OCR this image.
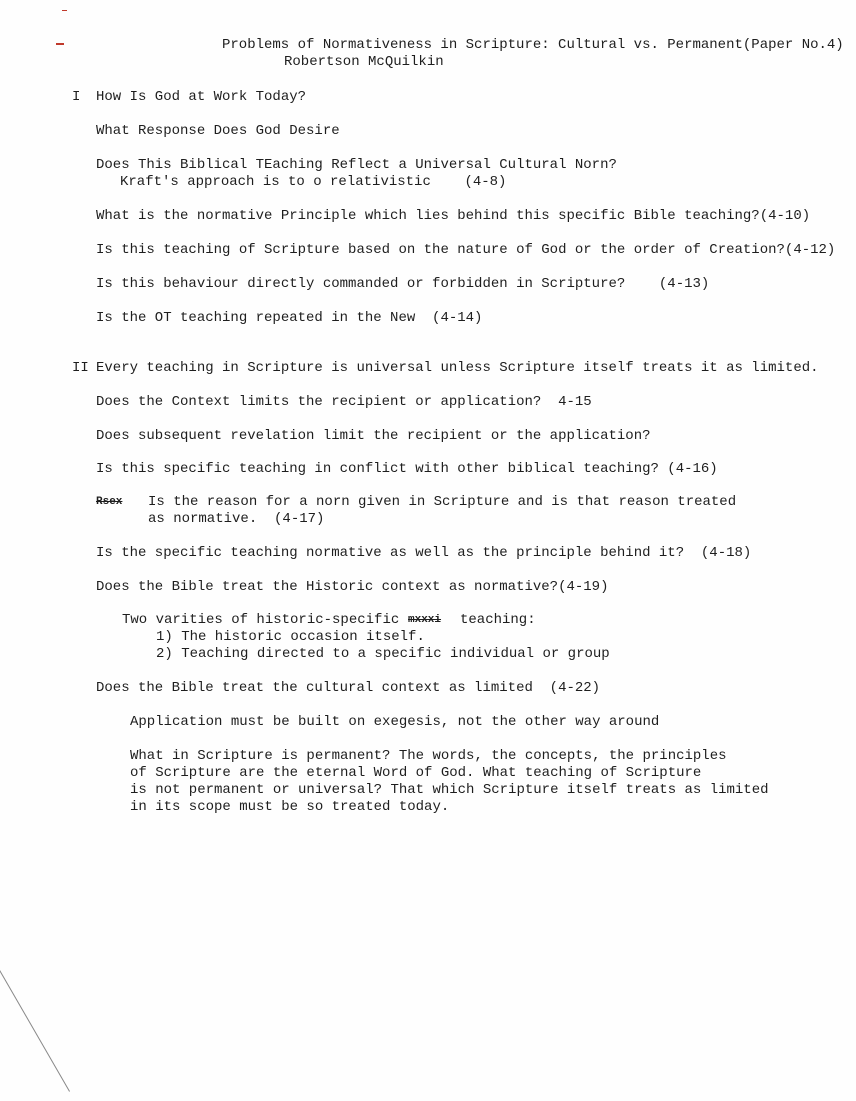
Problems of Normativeness in Scripture: Cultural vs. Permanent(Paper No.4)
Robertson McQuilkin
I How Is God at Work Today?
What Response Does God Desire
Does This Biblical TEaching Reflect a Universal Cultural Norn?
Kraft's approach is to o relativistic    (4-8)
What is the normative Principle which lies behind this specific Bible teaching?(4-10)
Is this teaching of Scripture based on the nature of God or the order of Creation?(4-12)
Is this behaviour directly commanded or forbidden in Scripture?    (4-13)
Is the OT teaching repeated in the New  (4-14)
II Every teaching in Scripture is universal unless Scripture itself treats it as limited.
Does the Context limits the recipient or application?  4-15
Does subsequent revelation limit the recipient or the application?
Is this specific teaching in conflict with other biblical teaching? (4-16)
Rsex Is the reason for a norn given in Scripture and is that reason treated
as normative.  (4-17)
Is the specific teaching normative as well as the principle behind it?  (4-18)
Does the Bible treat the Historic context as normative?(4-19)
Two varities of historic-specific mxxxi teaching:
1) The historic occasion itself.
2) Teaching directed to a specific individual or group
Does the Bible treat the cultural context as limited  (4-22)
Application must be built on exegesis, not the other way around
What in Scripture is permanent? The words, the concepts, the principles
of Scripture are the eternal Word of God. What teaching of Scripture
is not permanent or universal? That which Scripture itself treats as limited
in its scope must be so treated today.
